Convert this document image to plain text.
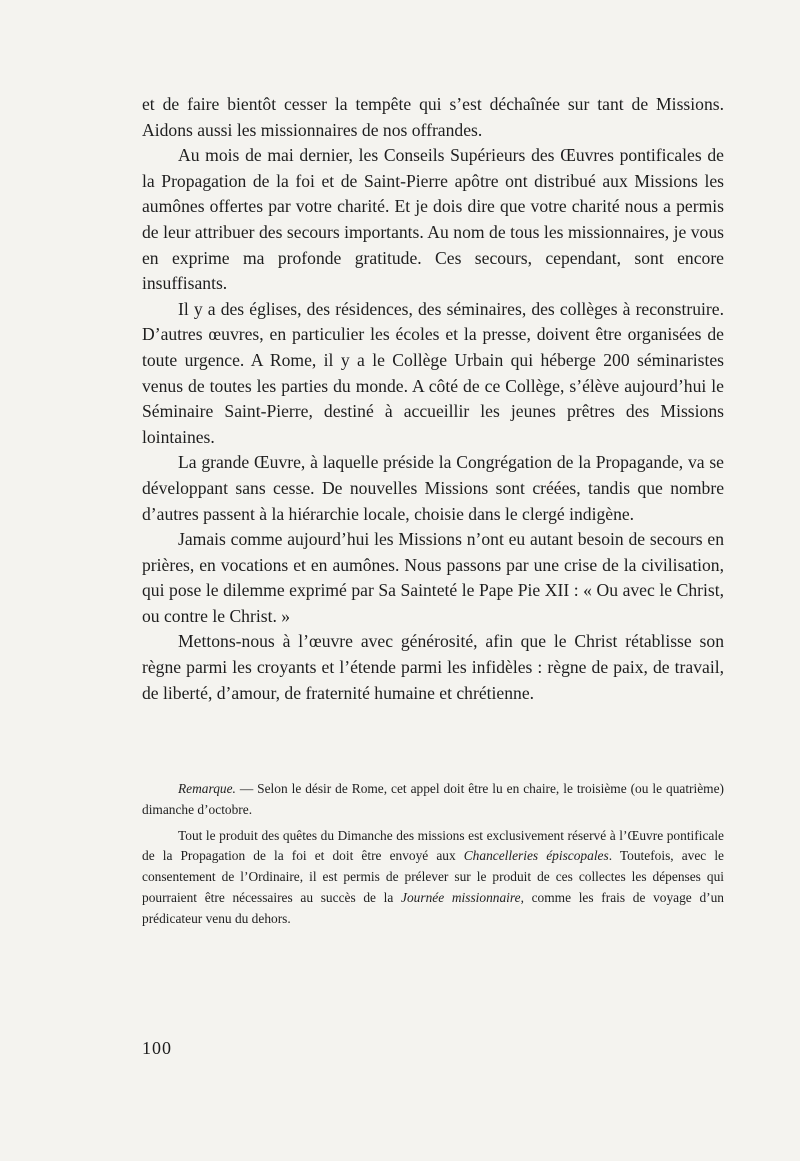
et de faire bientôt cesser la tempête qui s’est déchaînée sur tant de Missions. Aidons aussi les missionnaires de nos offrandes.

Au mois de mai dernier, les Conseils Supérieurs des Œuvres pontificales de la Propagation de la foi et de Saint-Pierre apôtre ont distribué aux Missions les aumônes offertes par votre charité. Et je dois dire que votre charité nous a permis de leur attribuer des secours importants. Au nom de tous les missionnaires, je vous en exprime ma profonde gratitude. Ces secours, cependant, sont encore insuffisants.

Il y a des églises, des résidences, des séminaires, des collèges à reconstruire. D’autres œuvres, en particulier les écoles et la presse, doivent être organisées de toute urgence. A Rome, il y a le Collège Urbain qui héberge 200 séminaristes venus de toutes les parties du monde. A côté de ce Collège, s’élève aujourd’hui le Séminaire Saint-Pierre, destiné à accueillir les jeunes prêtres des Missions lointaines.

La grande Œuvre, à laquelle préside la Congrégation de la Propagande, va se développant sans cesse. De nouvelles Missions sont créées, tandis que nombre d’autres passent à la hiérarchie locale, choisie dans le clergé indigène.

Jamais comme aujourd’hui les Missions n’ont eu autant besoin de secours en prières, en vocations et en aumônes. Nous passons par une crise de la civilisation, qui pose le dilemme exprimé par Sa Sainteté le Pape Pie XII : « Ou avec le Christ, ou contre le Christ. »

Mettons-nous à l’œuvre avec générosité, afin que le Christ rétablisse son règne parmi les croyants et l’étende parmi les infidèles : règne de paix, de travail, de liberté, d’amour, de fraternité humaine et chrétienne.

Remarque. — Selon le désir de Rome, cet appel doit être lu en chaire, le troisième (ou le quatrième) dimanche d’octobre.

Tout le produit des quêtes du Dimanche des missions est exclusivement réservé à l’Œuvre pontificale de la Propagation de la foi et doit être envoyé aux Chancelleries épiscopales. Toutefois, avec le consentement de l’Ordinaire, il est permis de prélever sur le produit de ces collectes les dépenses qui pourraient être nécessaires au succès de la Journée missionnaire, comme les frais de voyage d’un prédicateur venu du dehors.

100
